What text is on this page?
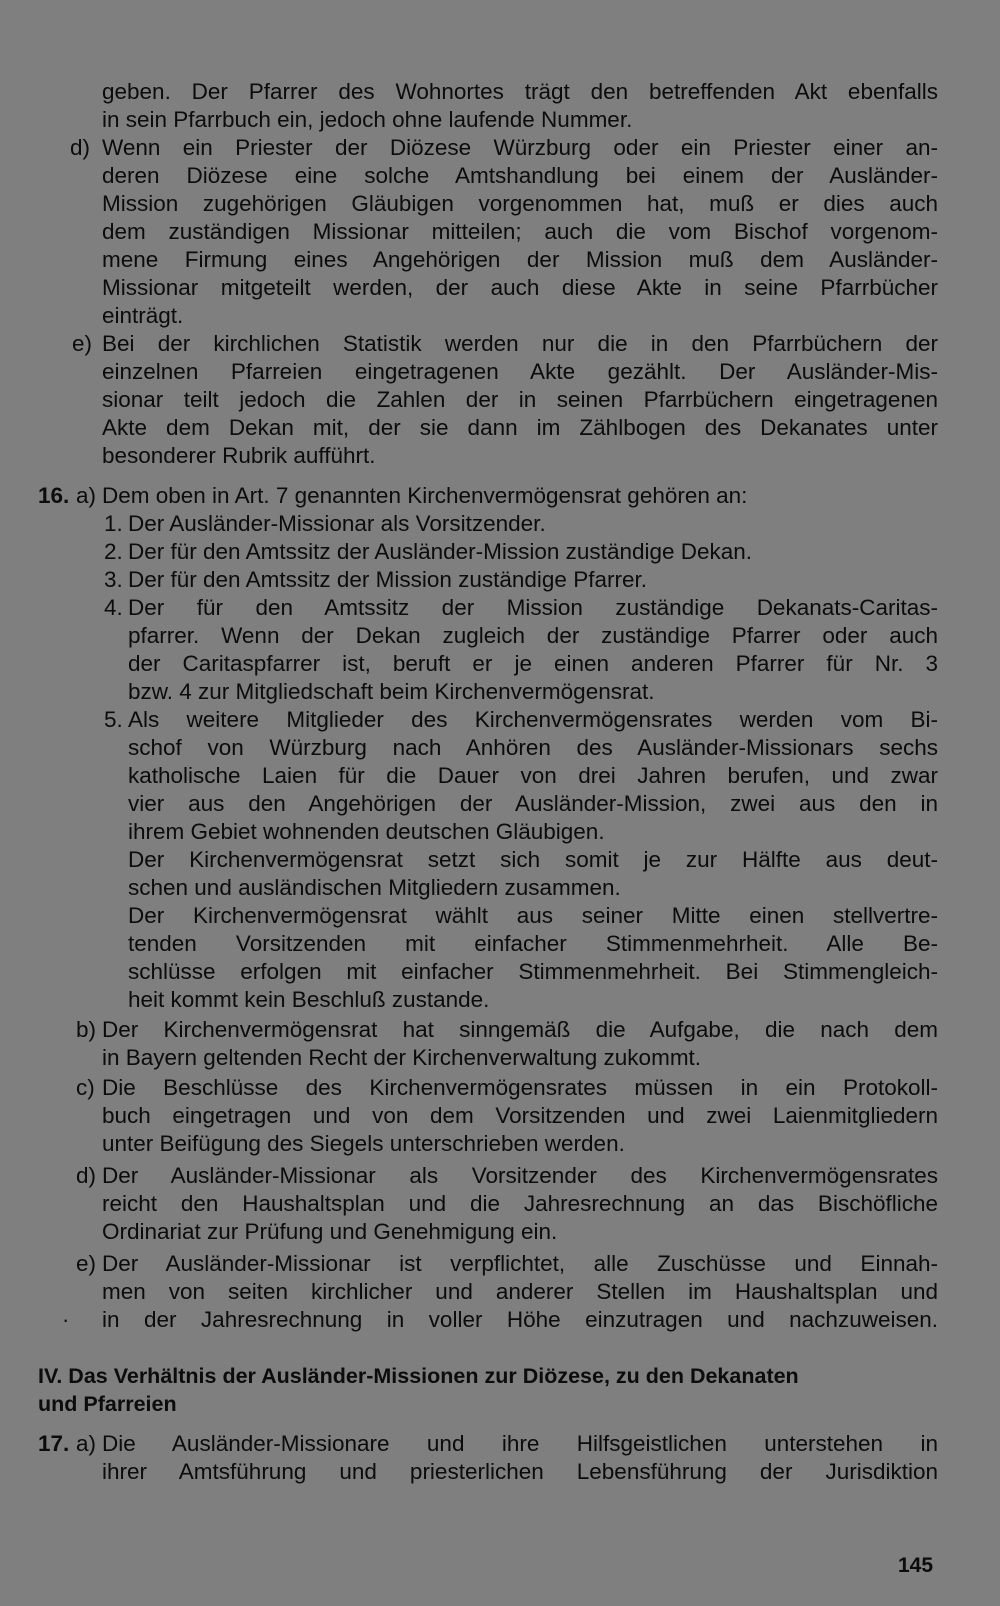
geben. Der Pfarrer des Wohnortes trägt den betreffenden Akt ebenfalls
in sein Pfarrbuch ein, jedoch ohne laufende Nummer.
d) Wenn ein Priester der Diözese Würzburg oder ein Priester einer an-
deren Diözese eine solche Amtshandlung bei einem der Ausländer-
Mission zugehörigen Gläubigen vorgenommen hat, muß er dies auch
dem zuständigen Missionar mitteilen; auch die vom Bischof vorgenom-
mene Firmung eines Angehörigen der Mission muß dem Ausländer-
Missionar mitgeteilt werden, der auch diese Akte in seine Pfarrbücher
einträgt.
e) Bei der kirchlichen Statistik werden nur die in den Pfarrbüchern der
einzelnen Pfarreien eingetragenen Akte gezählt. Der Ausländer-Mis-
sionar teilt jedoch die Zahlen der in seinen Pfarrbüchern eingetragenen
Akte dem Dekan mit, der sie dann im Zählbogen des Dekanates unter
besonderer Rubrik aufführt.
16. a) Dem oben in Art. 7 genannten Kirchenvermögensrat gehören an:
1. Der Ausländer-Missionar als Vorsitzender.
2. Der für den Amtssitz der Ausländer-Mission zuständige Dekan.
3. Der für den Amtssitz der Mission zuständige Pfarrer.
4. Der für den Amtssitz der Mission zuständige Dekanats-Caritas-
pfarrer. Wenn der Dekan zugleich der zuständige Pfarrer oder auch
der Caritaspfarrer ist, beruft er je einen anderen Pfarrer für Nr. 3
bzw. 4 zur Mitgliedschaft beim Kirchenvermögensrat.
5. Als weitere Mitglieder des Kirchenvermögensrates werden vom Bi-
schof von Würzburg nach Anhören des Ausländer-Missionars sechs
katholische Laien für die Dauer von drei Jahren berufen, und zwar
vier aus den Angehörigen der Ausländer-Mission, zwei aus den in
ihrem Gebiet wohnenden deutschen Gläubigen.
Der Kirchenvermögensrat setzt sich somit je zur Hälfte aus deut-
schen und ausländischen Mitgliedern zusammen.
Der Kirchenvermögensrat wählt aus seiner Mitte einen stellvertre-
tenden Vorsitzenden mit einfacher Stimmenmehrheit. Alle Be-
schlüsse erfolgen mit einfacher Stimmenmehrheit. Bei Stimmengleich-
heit kommt kein Beschluß zustande.
b) Der Kirchenvermögensrat hat sinngemäß die Aufgabe, die nach dem
in Bayern geltenden Recht der Kirchenverwaltung zukommt.
c) Die Beschlüsse des Kirchenvermögensrates müssen in ein Protokoll-
buch eingetragen und von dem Vorsitzenden und zwei Laienmitgliedern
unter Beifügung des Siegels unterschrieben werden.
d) Der Ausländer-Missionar als Vorsitzender des Kirchenvermögensrates
reicht den Haushaltsplan und die Jahresrechnung an das Bischöfliche
Ordinariat zur Prüfung und Genehmigung ein.
e) Der Ausländer-Missionar ist verpflichtet, alle Zuschüsse und Einnah-
men von seiten kirchlicher und anderer Stellen im Haushaltsplan und
· in der Jahresrechnung in voller Höhe einzutragen und nachzuweisen.
IV. Das Verhältnis der Ausländer-Missionen zur Diözese, zu den Dekanaten
und Pfarreien
17. a) Die Ausländer-Missionare und ihre Hilfsgeistlichen unterstehen in
ihrer Amtsführung und priesterlichen Lebensführung der Jurisdiktion
145
